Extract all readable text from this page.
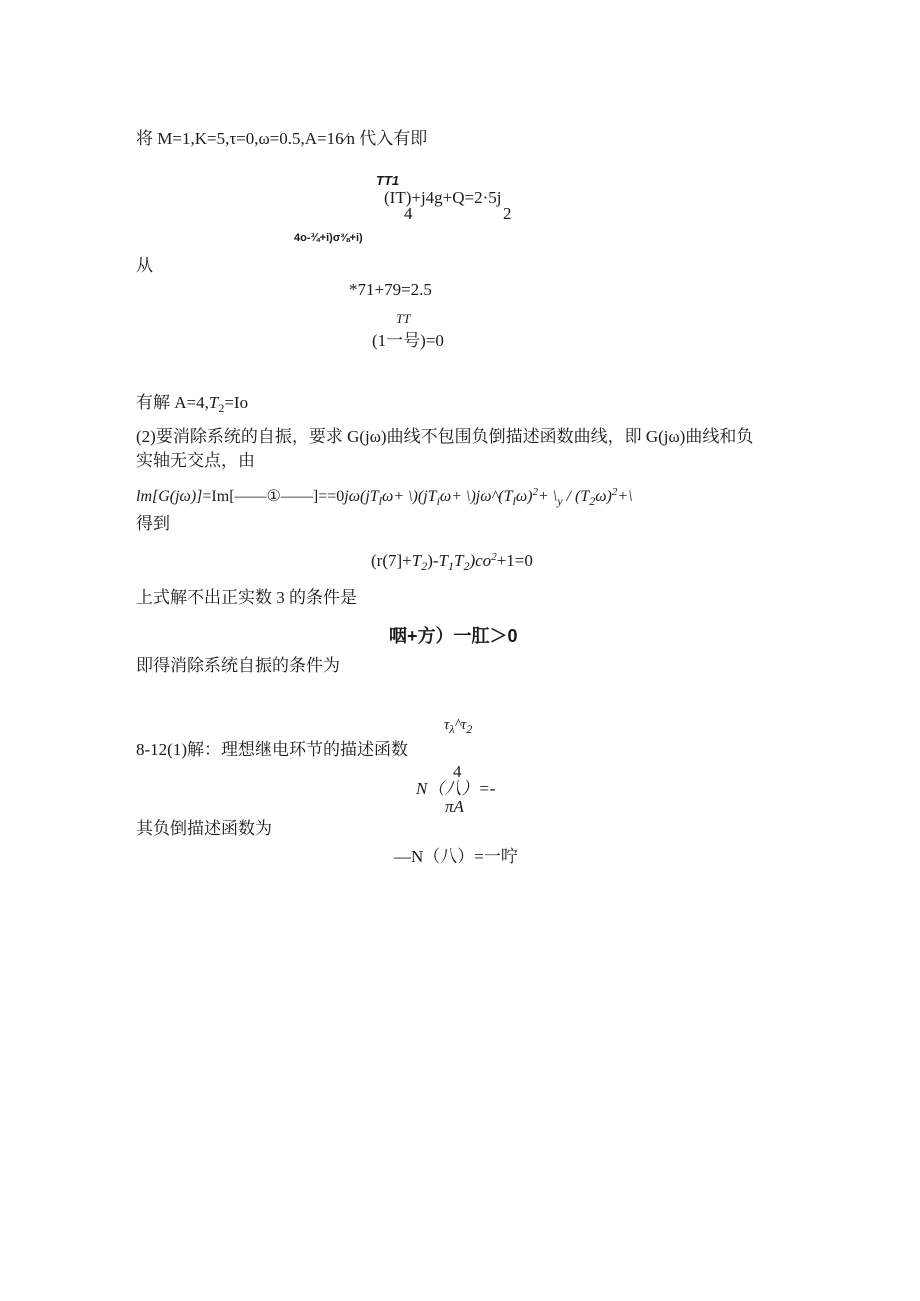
将 M=1,K=5,τ=0,ω=0.5,A=16∕n 代入有即
TT1
(IT)+j4g+Q=2·5j
4	2
4o-¾+i)σ⅜+i)
从
*71+79=2.5
TT
(1一号)=0
有解 $A=4,T_2=Io$
(2)要消除系统的自振，要求 G(jω)曲线不包围负倒描述函数曲线，即 G(jω)曲线和负
实轴无交点，由
$lm[G(j\omega)]=Im[——①——]==0j\omega(jT_l\omega+$ $\backslash)(jT_i\omega+$ $\backslash)j\omega\^{}(T_l\omega)^2+$ $\backslash_y$ / $(T_2\omega)^2+\backslash$
得到
$(r(7]+T_2)-T_1T_2)co^2+1=0$
上式解不出正实数 3 的条件是
咽+方）一肛＞0
即得消除系统自振的条件为
$\tau_\lambda\^{}\tau_2$
8-12(1)解：理想继电环节的描述函数
4
N（八）=-
πA
其负倒描述函数为
—N（八）=一咛
